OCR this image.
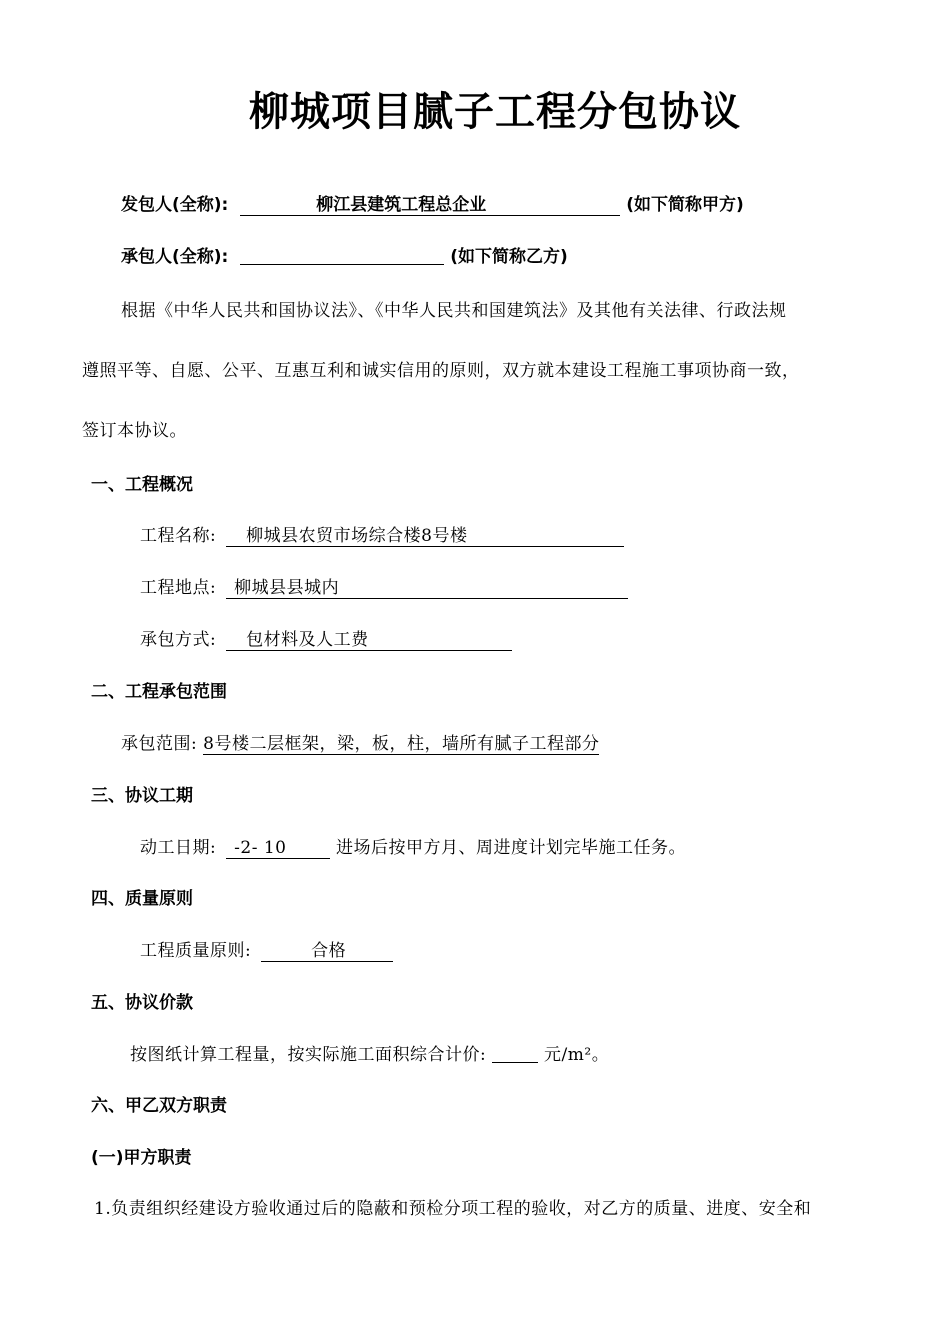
柳城项目腻子工程分包协议
发包人(全称):	柳江县建筑工程总企业	(如下简称甲方)
承包人(全称):	(如下简称乙方)
根据《中华人民共和国协议法》、《中华人民共和国建筑法》及其他有关法律、行政法规
遵照平等、自愿、公平、互惠互利和诚实信用的原则，双方就本建设工程施工事项协商一致，
签订本协议。
一、工程概况
工程名称: 柳城县农贸市场综合楼8号楼
工程地点: 柳城县县城内
承包方式: 包材料及人工费
二、工程承包范围
承包范围: 8号楼二层框架，梁，板，柱，墙所有腻子工程部分
三、协议工期
动工日期: -2- 10	进场后按甲方月、周进度计划完毕施工任务。
四、质量原则
工程质量原则:	合格
五、协议价款
按图纸计算工程量，按实际施工面积综合计价:	元/m²。
六、甲乙双方职责
(一)甲方职责
1.负责组织经建设方验收通过后的隐蔽和预检分项工程的验收，对乙方的质量、进度、安全和
